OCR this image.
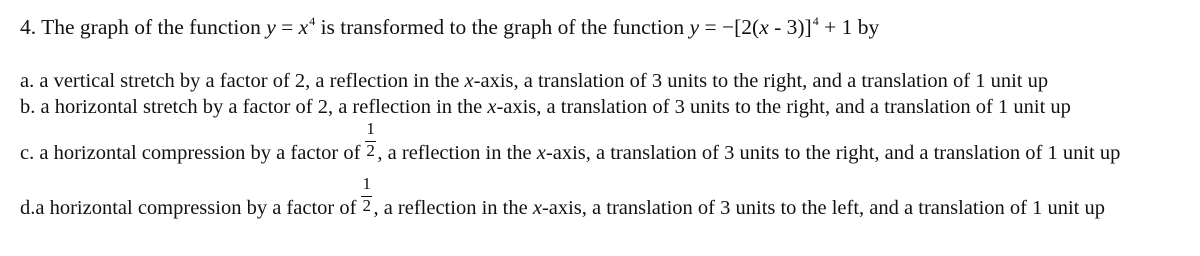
4. The graph of the function $y = x^4$ is transformed to the graph of the function y = −[2(x - 3)]$^4$ + 1 by
a. a vertical stretch by a factor of 2, a reflection in the x-axis, a translation of 3 units to the right, and a translation of 1 unit up
b. a horizontal stretch by a factor of 2, a reflection in the x-axis, a translation of 3 units to the right, and a translation of 1 unit up
c. a horizontal compression by a factor of $\frac{1}{2}$ , a reflection in the x-axis, a translation of 3 units to the right, and a translation of 1 unit up
d.a horizontal compression by a factor of $\frac{1}{2}$ , a reflection in the x-axis, a translation of 3 units to the left, and a translation of 1 unit up
